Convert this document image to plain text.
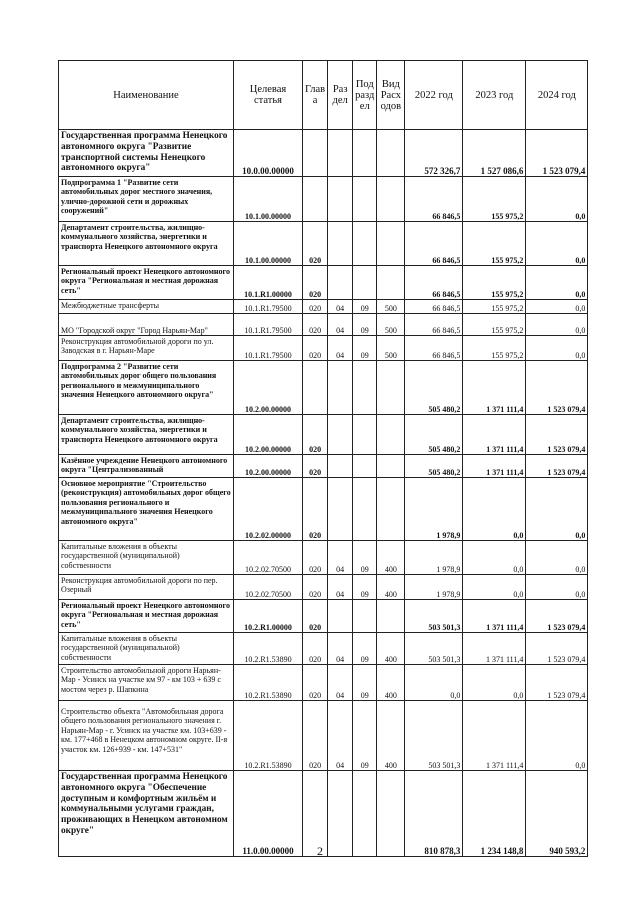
Наименование	Целевая статья	Глав а	Раз дел	Под разд ел	Вид Расх одов	2022 год	2023 год	2024 год
Государственная программа Ненецкого автономного округа "Развитие транспортной системы Ненецкого автономного округа"	10.0.00.00000					572 326,7	1 527 086,6	1 523 079,4
Подпрограмма 1 "Развитие сети автомобильных дорог местного значения, улично-дорожной сети и дорожных сооружений"	10.1.00.00000					66 846,5	155 975,2	0,0
Департамент строительства, жилищно-коммунального хозяйства, энергетики и транспорта Ненецкого автономного округа	10.1.00.00000	020				66 846,5	155 975,2	0,0
Региональный проект Ненецкого автономного округа "Региональная и местная дорожная сеть"	10.1.R1.00000	020				66 846,5	155 975,2	0,0
Межбюджетные трансферты	10.1.R1.79500	020	04	09	500	66 846,5	155 975,2	0,0
МО "Городской округ "Город Нарьян-Мар"	10.1.R1.79500	020	04	09	500	66 846,5	155 975,2	0,0
Реконструкция автомобильной дороги по ул. Заводская в г. Нарьян-Маре	10.1.R1.79500	020	04	09	500	66 846,5	155 975,2	0,0
Подпрограмма 2 "Развитие сети автомобильных дорог общего пользования регионального и межмуниципального значения Ненецкого автономного округа"	10.2.00.00000					505 480,2	1 371 111,4	1 523 079,4
Департамент строительства, жилищно-коммунального хозяйства, энергетики и транспорта Ненецкого автономного округа	10.2.00.00000	020				505 480,2	1 371 111,4	1 523 079,4
Казённое учреждение Ненецкого автономного округа "Централизованный	10.2.00.00000	020				505 480,2	1 371 111,4	1 523 079,4
Основное мероприятие "Строительство (реконструкция) автомобильных дорог общего пользования регионального и межмуниципального значения Ненецкого автономного округа"	10.2.02.00000	020				1 978,9	0,0	0,0
Капитальные вложения в объекты государственной (муниципальной) собственности	10.2.02.70500	020	04	09	400	1 978,9	0,0	0,0
Реконструкция автомобильной дороги по пер. Озерный	10.2.02.70500	020	04	09	400	1 978,9	0,0	0,0
Региональный проект Ненецкого автономного округа "Региональная и местная дорожная сеть"	10.2.R1.00000	020				503 501,3	1 371 111,4	1 523 079,4
Капитальные вложения в объекты государственной (муниципальной) собственности	10.2.R1.53890	020	04	09	400	503 501,3	1 371 111,4	1 523 079,4
Строительство автомобильной дороги Нарьян-Мар - Усинск на участке км 97 - км 103 + 639 с мостом через р. Шапкина	10.2.R1.53890	020	04	09	400	0,0	0,0	1 523 079,4
Строительство объекта "Автомобильная дорога общего пользования регионального значения г. Нарьян-Мар - г. Усинск на участке км. 103+639 - км. 177+468 в Ненецком автономном округе. II-я участок км. 126+939 - км. 147+531"	10.2.R1.53890	020	04	09	400	503 501,3	1 371 111,4	0,0
Государственная программа Ненецкого автономного округа "Обеспечение доступным и комфортным жильём и коммунальными услугами граждан, проживающих в Ненецком автономном округе"	11.0.00.00000					810 878,3	1 234 148,8	940 593,2
2
